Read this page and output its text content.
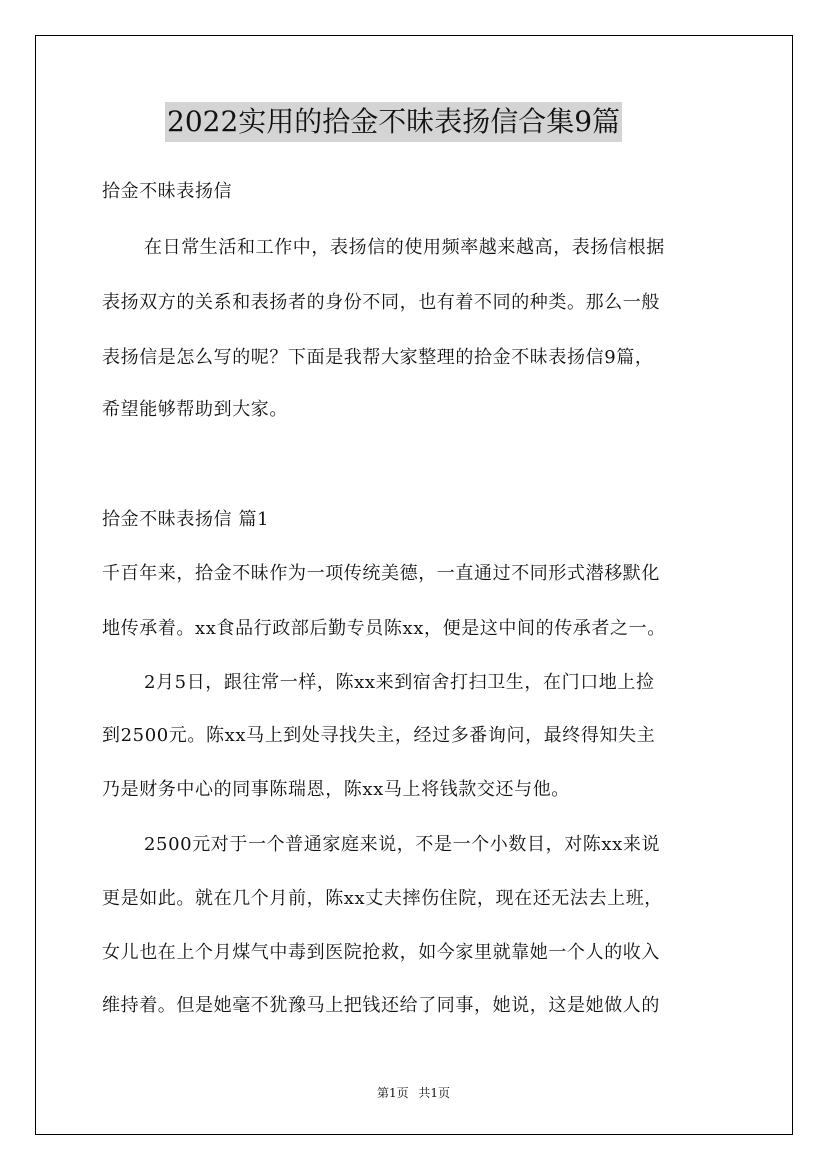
2022实用的拾金不昧表扬信合集9篇
拾金不昧表扬信
在日常生活和工作中，表扬信的使用频率越来越高，表扬信根据
表扬双方的关系和表扬者的身份不同，也有着不同的种类。那么一般
表扬信是怎么写的呢？下面是我帮大家整理的拾金不昧表扬信9篇，
希望能够帮助到大家。
拾金不昧表扬信 篇1
千百年来，拾金不昧作为一项传统美德，一直通过不同形式潜移默化
地传承着。xx食品行政部后勤专员陈xx，便是这中间的传承者之一。
2月5日，跟往常一样，陈xx来到宿舍打扫卫生，在门口地上捡
到2500元。陈xx马上到处寻找失主，经过多番询问，最终得知失主
乃是财务中心的同事陈瑞恩，陈xx马上将钱款交还与他。
2500元对于一个普通家庭来说，不是一个小数目，对陈xx来说
更是如此。就在几个月前，陈xx丈夫摔伤住院，现在还无法去上班，
女儿也在上个月煤气中毒到医院抢救，如今家里就靠她一个人的收入
维持着。但是她毫不犹豫马上把钱还给了同事，她说，这是她做人的
第1页 共1页
